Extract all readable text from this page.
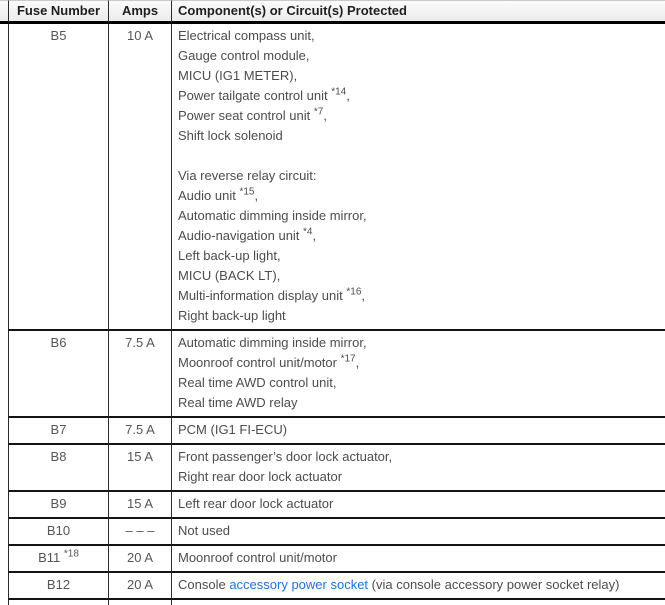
Fuse Number	Amps	Component(s) or Circuit(s) Protected
B5	10 A	Electrical compass unit,
Gauge control module,
MICU (IG1 METER),
Power tailgate control unit $^{*14}$,
Power seat control unit $^{*7}$,
Shift lock solenoid

Via reverse relay circuit:
Audio unit $^{*15}$,
Automatic dimming inside mirror,
Audio-navigation unit $^{*4}$,
Left back-up light,
MICU (BACK LT),
Multi-information display unit $^{*16}$,
Right back-up light
B6	7.5 A	Automatic dimming inside mirror,
Moonroof control unit/motor $^{*17}$,
Real time AWD control unit,
Real time AWD relay
B7	7.5 A	PCM (IG1 FI-ECU)
B8	15 A	Front passenger’s door lock actuator,
Right rear door lock actuator
B9	15 A	Left rear door lock actuator
B10	– – –	Not used
B11 $^{*18}$	20 A	Moonroof control unit/motor
B12	20 A	Console accessory power socket (via console accessory power socket relay)
